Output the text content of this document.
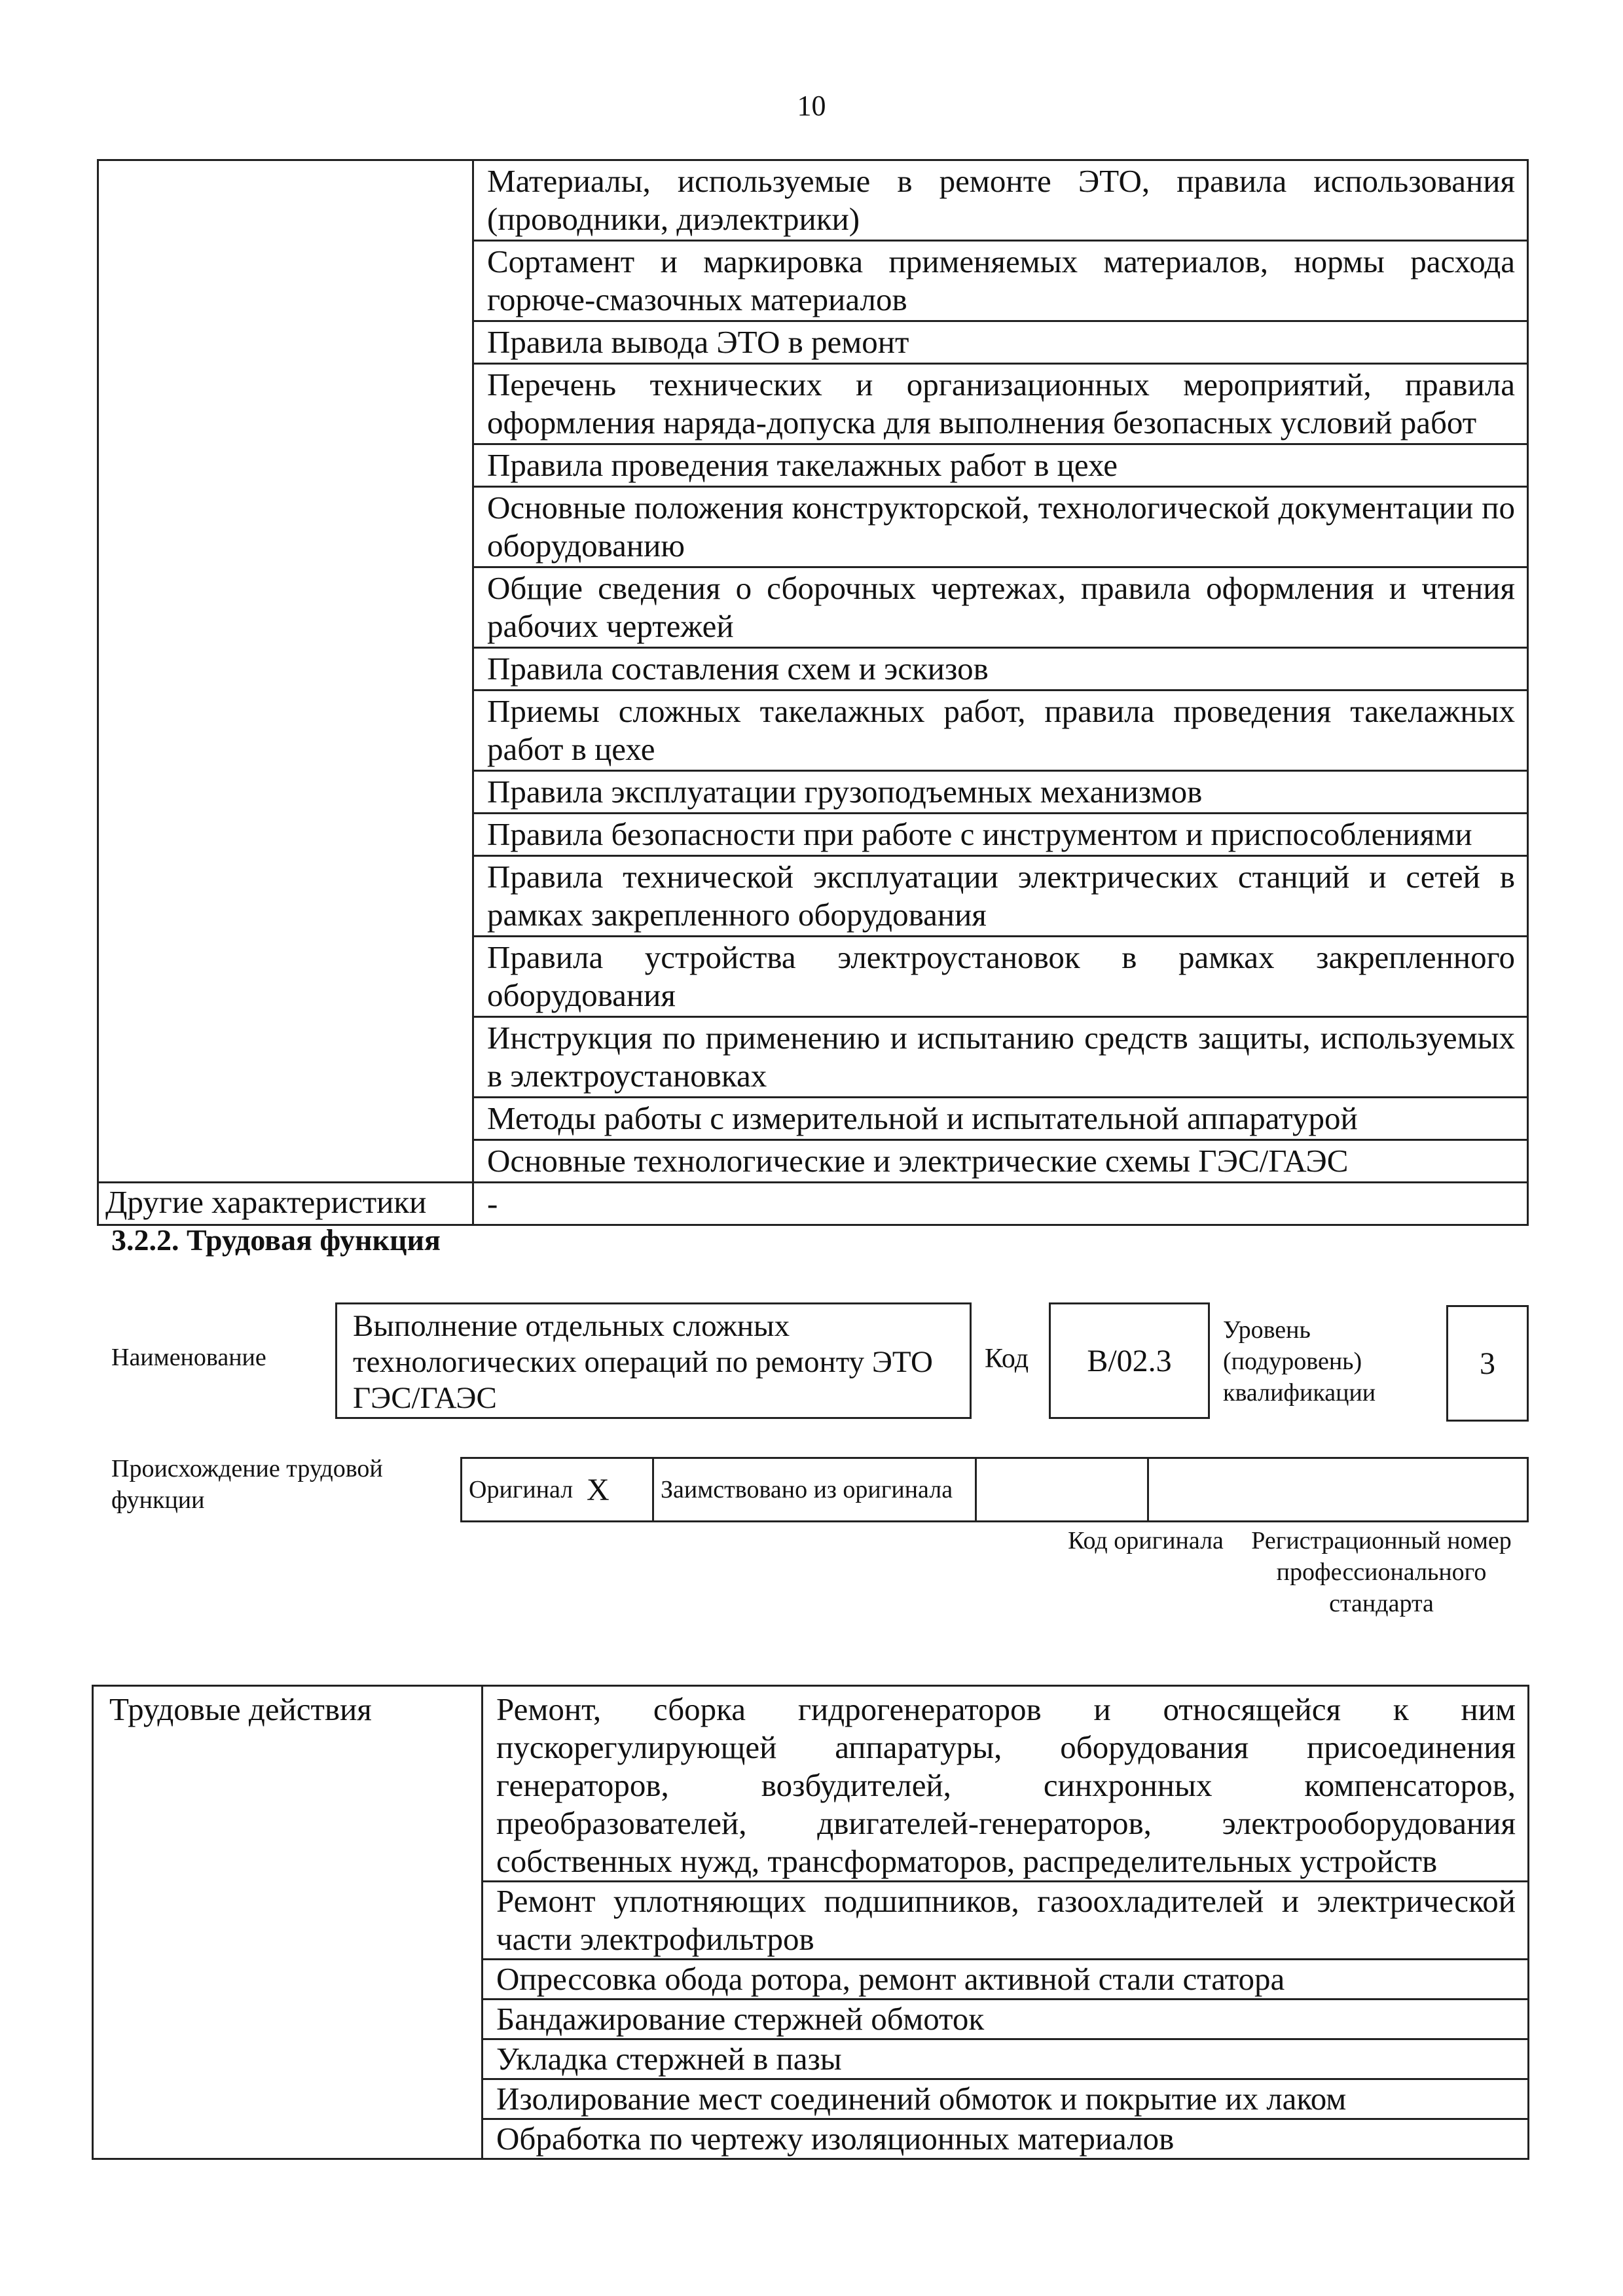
10
	Материалы, используемые в ремонте ЭТО, правила использования (проводники, диэлектрики)
	Сортамент и маркировка применяемых материалов, нормы расхода горюче-смазочных материалов
	Правила вывода ЭТО в ремонт
	Перечень технических и организационных мероприятий, правила оформления наряда-допуска для выполнения безопасных условий работ
	Правила проведения такелажных работ в цехе
	Основные положения конструкторской, технологической документации по оборудованию
	Общие сведения о сборочных чертежах, правила оформления и чтения рабочих чертежей
	Правила составления схем и эскизов
	Приемы сложных такелажных работ, правила проведения такелажных работ в цехе
	Правила эксплуатации грузоподъемных механизмов
	Правила безопасности при работе с инструментом и приспособлениями
	Правила технической эксплуатации электрических станций и сетей в рамках закрепленного оборудования
	Правила устройства электроустановок в рамках закрепленного оборудования
	Инструкция по применению и испытанию средств защиты, используемых в электроустановках
	Методы работы с измерительной и испытательной аппаратурой
	Основные технологические и электрические схемы ГЭС/ГАЭС
Другие характеристики	-
3.2.2. Трудовая функция
Наименование
Выполнение отдельных сложных технологических операций по ремонту ЭТО ГЭС/ГАЭС
Код	В/02.3
Уровень
(подуровень)
квалификации
3
Происхождение трудовой функции	Оригинал	X	Заимствовано из оригинала		
Код оригинала Регистрационный номер профессионального стандарта
Трудовые действия	Ремонт, сборка гидрогенераторов и относящейся к ним пускорегулирующей аппаратуры, оборудования присоединения генераторов, возбудителей, синхронных компенсаторов, преобразователей, двигателей-генераторов, электрооборудования собственных нужд, трансформаторов, распределительных устройств
Ремонт уплотняющих подшипников, газоохладителей и электрической части электрофильтров
Опрессовка обода ротора, ремонт активной стали статора
Бандажирование стержней обмоток
Укладка стержней в пазы
Изолирование мест соединений обмоток и покрытие их лаком
Обработка по чертежу изоляционных материалов
